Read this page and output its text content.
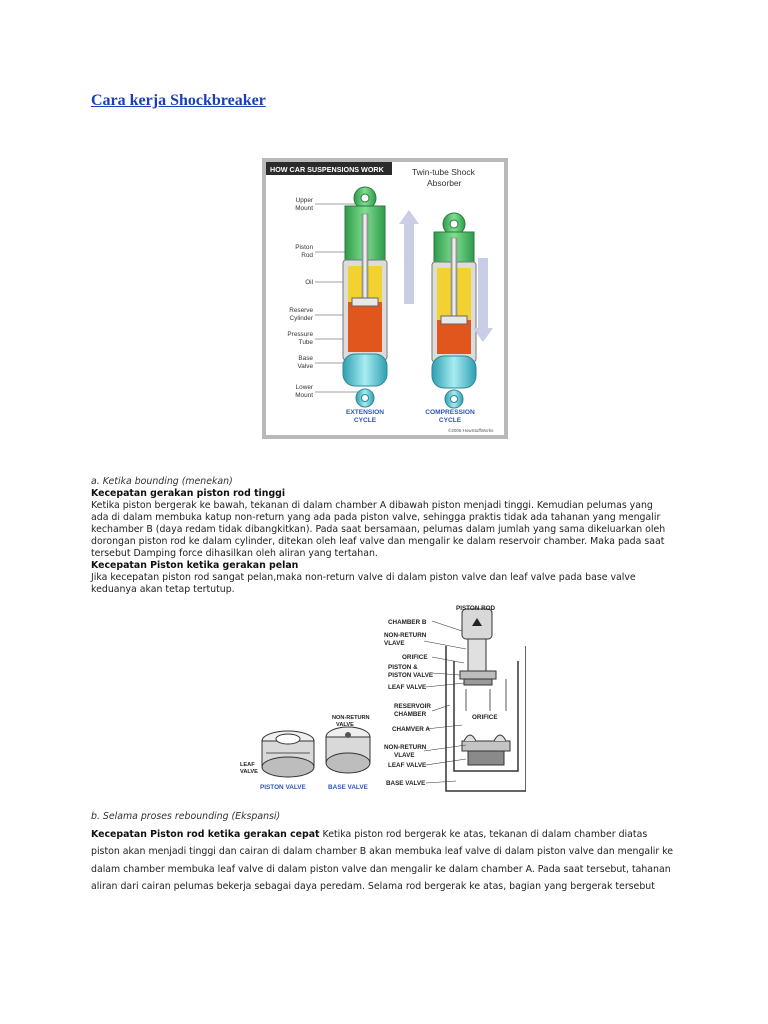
Cara kerja Shockbreaker
HOW CAR SUSPENSIONS WORK	Twin-tube Shock
Absorber
Upper
Mount
Piston
Rod
Oil
Reserve
Cylinder
Pressure
Tube
Base
Valve
Lower
Mount
EXTENSION
CYCLE
COMPRESSION
CYCLE
©2005 HowStuffWorks

a. Ketika bounding (menekan)

Kecepatan gerakan piston rod tinggi

Ketika piston bergerak ke bawah, tekanan di dalam chamber A dibawah piston menjadi tinggi. Kemudian pelumas yang

ada di dalam membuka katup non-return yang ada pada piston valve, sehingga praktis tidak ada tahanan yang mengalir

kechamber B (daya redam tidak dibangkitkan). Pada saat bersamaan, pelumas dalam jumlah yang sama dikeluarkan oleh

dorongan piston rod ke dalam cylinder, ditekan oleh leaf valve dan mengalir ke dalam reservoir chamber. Maka pada saat

tersebut Damping force dihasilkan oleh aliran yang tertahan.

Kecepatan Piston ketika gerakan pelan

Jika kecepatan piston rod sangat pelan,maka non-return valve di dalam piston valve dan leaf valve pada base valve

keduanya akan tetap tertutup.

PISTON ROD
CHAMBER B
NON-RETURN
VLAVE
ORIFICE
PISTON &
PISTON VALVE
LEAF VALVE
RESERVOIR
CHAMBER	ORIFICE
CHAMVER A
NON-RETURN
VLAVE
LEAF VALVE
BASE VALVE
NON-RETURN
VALVE
LEAF
VALVE
PISTON VALVE	BASE VALVE

b. Selama proses rebounding (Ekspansi)

Kecepatan Piston rod ketika gerakan cepat Ketika piston rod bergerak ke atas, tekanan di dalam chamber diatas
piston akan menjadi tinggi dan cairan di dalam chamber B akan membuka leaf valve di dalam piston valve dan mengalir ke
dalam chamber membuka leaf valve di dalam piston valve dan mengalir ke dalam chamber A. Pada saat tersebut, tahanan
aliran dari cairan pelumas bekerja sebagai daya peredam. Selama rod bergerak ke atas, bagian yang bergerak tersebut
